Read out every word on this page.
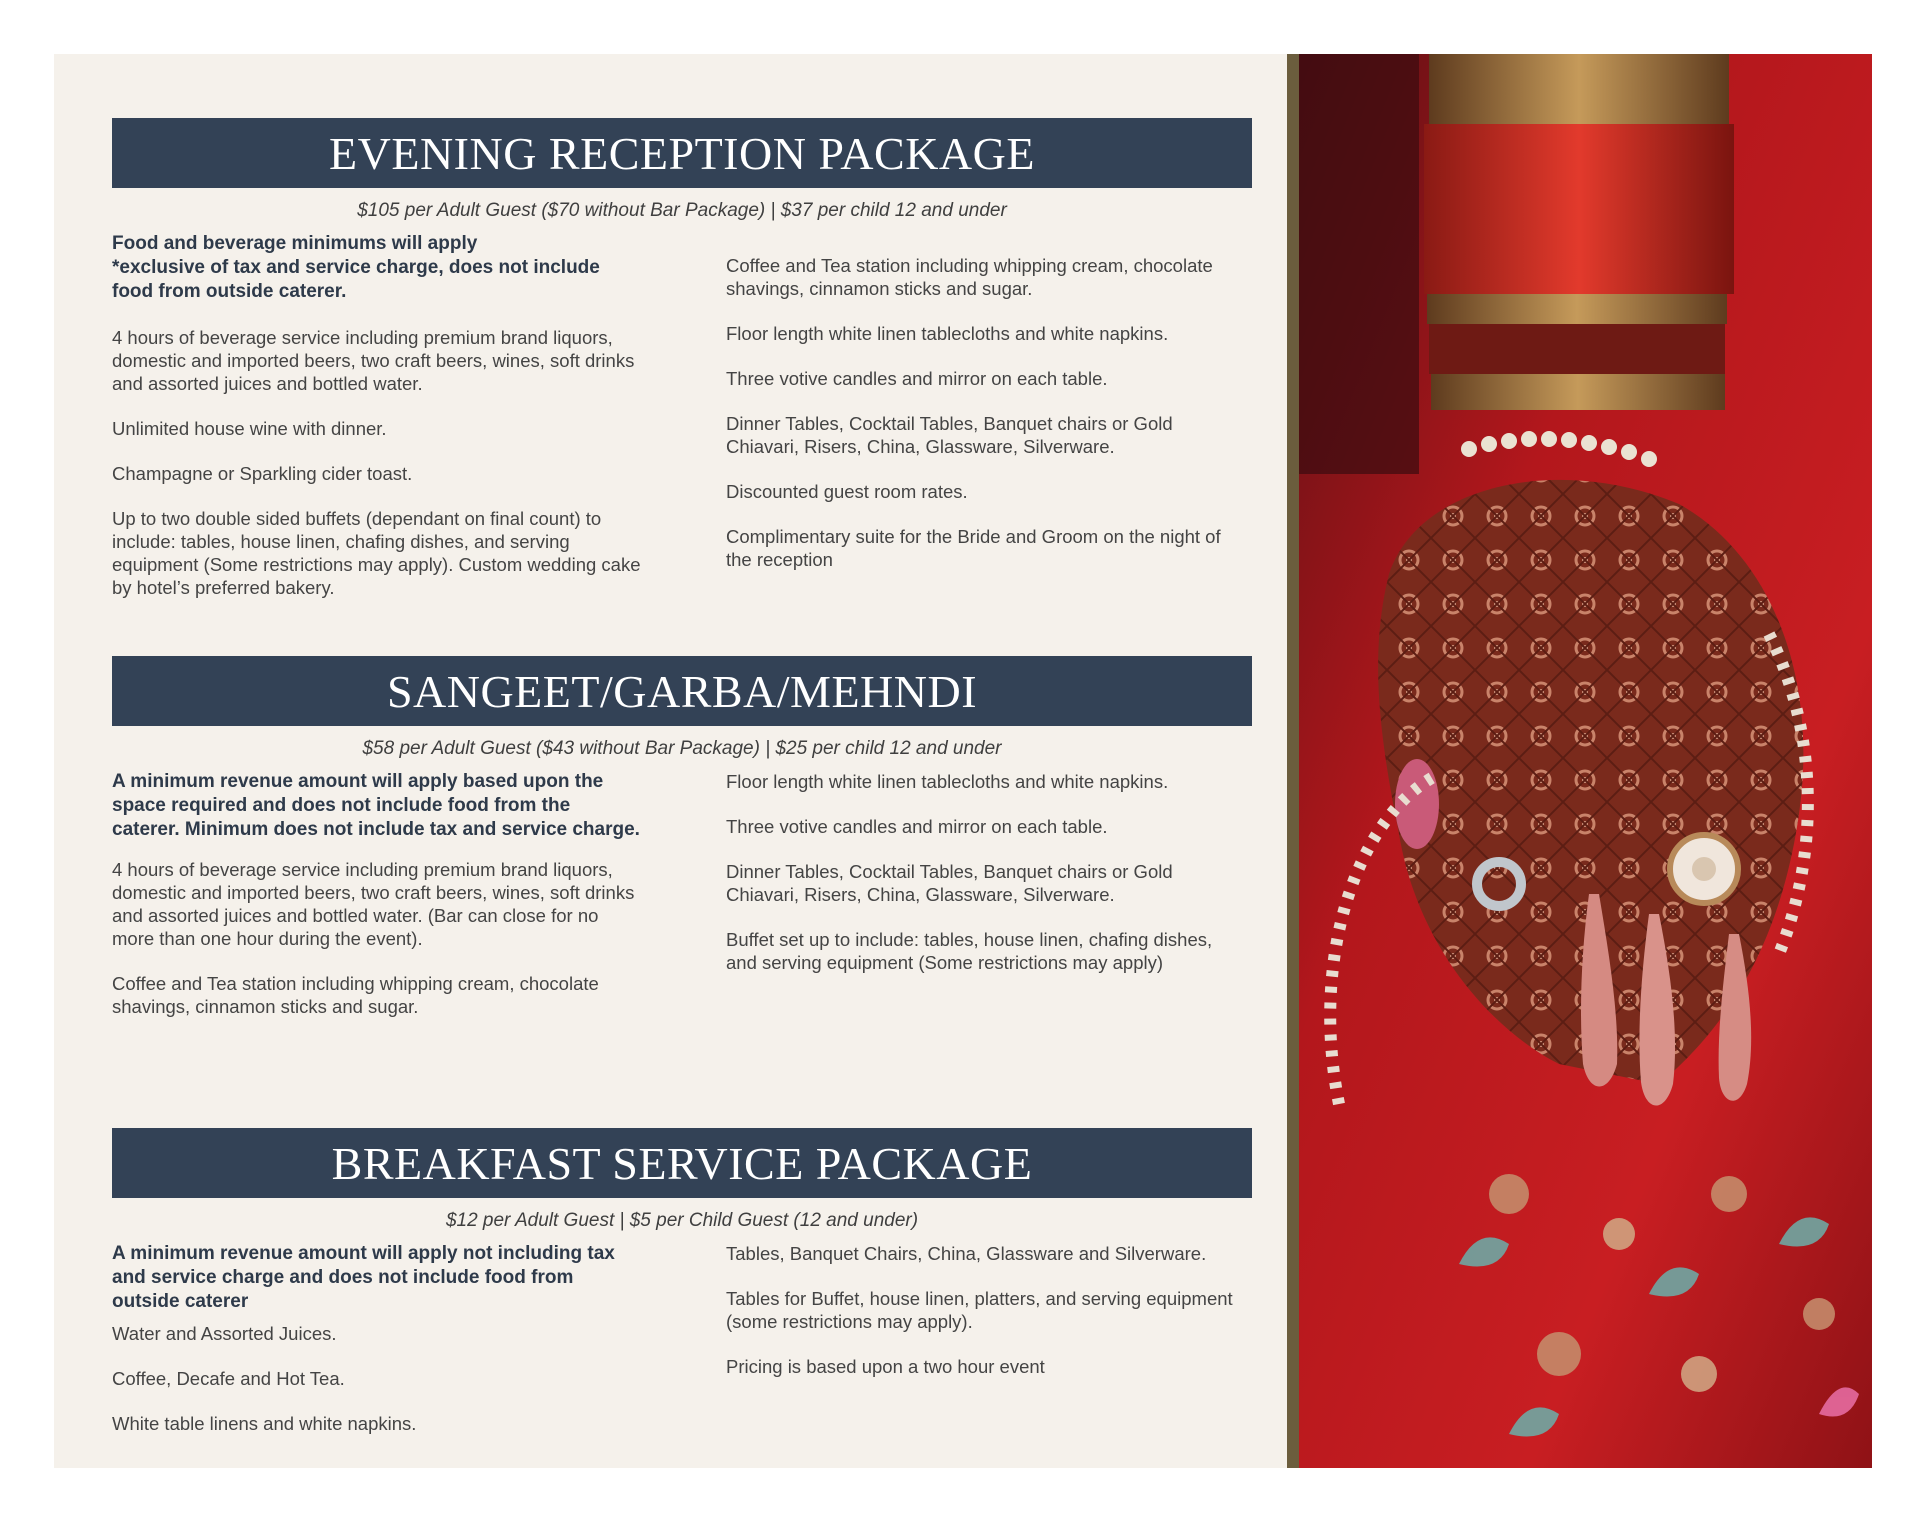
EVENING RECEPTION PACKAGE
$105 per Adult Guest ($70 without Bar Package) | $37 per child 12 and under
Food and beverage minimums will apply
*exclusive of tax and service charge, does not include food from outside caterer.
4 hours of beverage service including premium brand liquors, domestic and imported beers, two craft beers, wines, soft drinks and assorted juices and bottled water.
Unlimited house wine with dinner.
Champagne or Sparkling cider toast.
Up to two double sided buffets (dependant on final count) to include: tables, house linen, chafing dishes, and serving equipment (Some restrictions may apply). Custom wedding cake by hotel’s preferred bakery.
Coffee and Tea station including whipping cream, chocolate shavings, cinnamon sticks and sugar.
Floor length white linen tablecloths and white napkins.
Three votive candles and mirror on each table.
Dinner Tables, Cocktail Tables, Banquet chairs or Gold Chiavari, Risers, China, Glassware, Silverware.
Discounted guest room rates.
Complimentary suite for the Bride and Groom on the night of the reception
SANGEET/GARBA/MEHNDI
$58 per Adult Guest ($43 without Bar Package) | $25 per child 12 and under
A minimum revenue amount will apply based upon the space required and does not include food from the caterer. Minimum does not include tax and service charge.
4 hours of beverage service including premium brand liquors, domestic and imported beers, two craft beers, wines, soft drinks and assorted juices and bottled water. (Bar can close for no more than one hour during the event).
Coffee and Tea station including whipping cream, chocolate shavings, cinnamon sticks and sugar.
Floor length white linen tablecloths and white napkins.
Three votive candles and mirror on each table.
Dinner Tables, Cocktail Tables, Banquet chairs or Gold Chiavari, Risers, China, Glassware, Silverware.
Buffet set up to include: tables, house linen, chafing dishes, and serving equipment (Some restrictions may apply)
BREAKFAST SERVICE PACKAGE
$12 per Adult Guest | $5 per Child Guest (12 and under)
A minimum revenue amount will apply not including tax and service charge and does not include food from outside caterer
Water and Assorted Juices.
Coffee, Decafe and Hot Tea.
White table linens and white napkins.
Tables, Banquet Chairs, China, Glassware and Silverware.
Tables for Buffet, house linen, platters, and serving equipment (some restrictions may apply).
Pricing is based upon a two hour event
